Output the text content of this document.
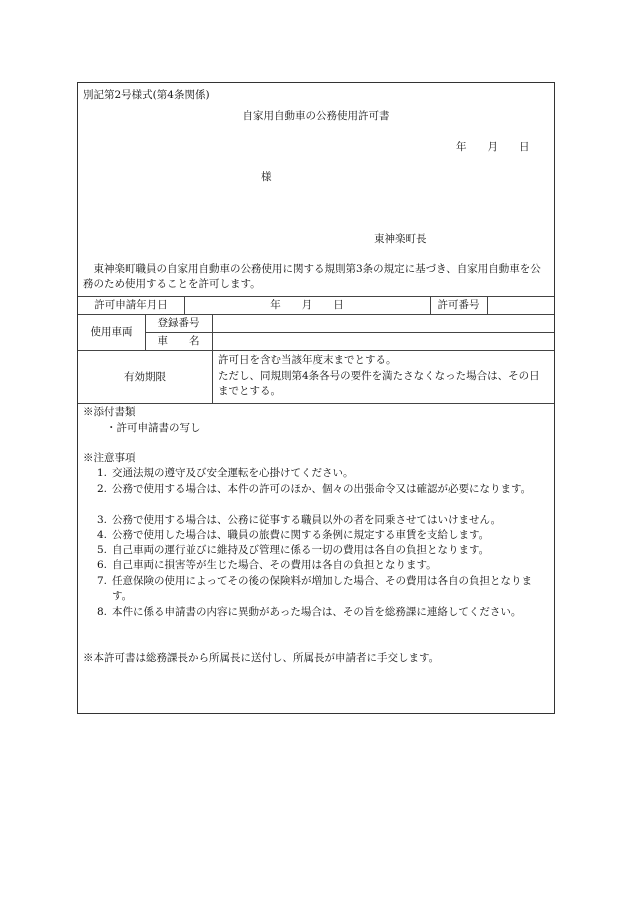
別記第2号様式(第4条関係)
自家用自動車の公務使用許可書
年　　月　　日
様
東神楽町長
　東神楽町職員の自家用自動車の公務使用に関する規則第3条の規定に基づき、自家用自動車を公務のため使用することを許可します。
許可申請年月日	年　　月　　日	許可番号
使用車両
登録番号
車　　名
有効期限
許可日を含む当該年度末までとする。
ただし、同規則第4条各号の要件を満たさなくなった場合は、その日までとする。
※添付書類
・許可申請書の写し
※注意事項
1. 交通法規の遵守及び安全運転を心掛けてください。
2. 公務で使用する場合は、本件の許可のほか、個々の出張命令又は確認が必要になります。
3. 公務で使用する場合は、公務に従事する職員以外の者を同乗させてはいけません。
4. 公務で使用した場合は、職員の旅費に関する条例に規定する車賃を支給します。
5. 自己車両の運行並びに維持及び管理に係る一切の費用は各自の負担となります。
6. 自己車両に損害等が生じた場合、その費用は各自の負担となります。
7. 任意保険の使用によってその後の保険料が増加した場合、その費用は各自の負担となります。
8. 本件に係る申請書の内容に異動があった場合は、その旨を総務課に連絡してください。
※本許可書は総務課長から所属長に送付し、所属長が申請者に手交します。
